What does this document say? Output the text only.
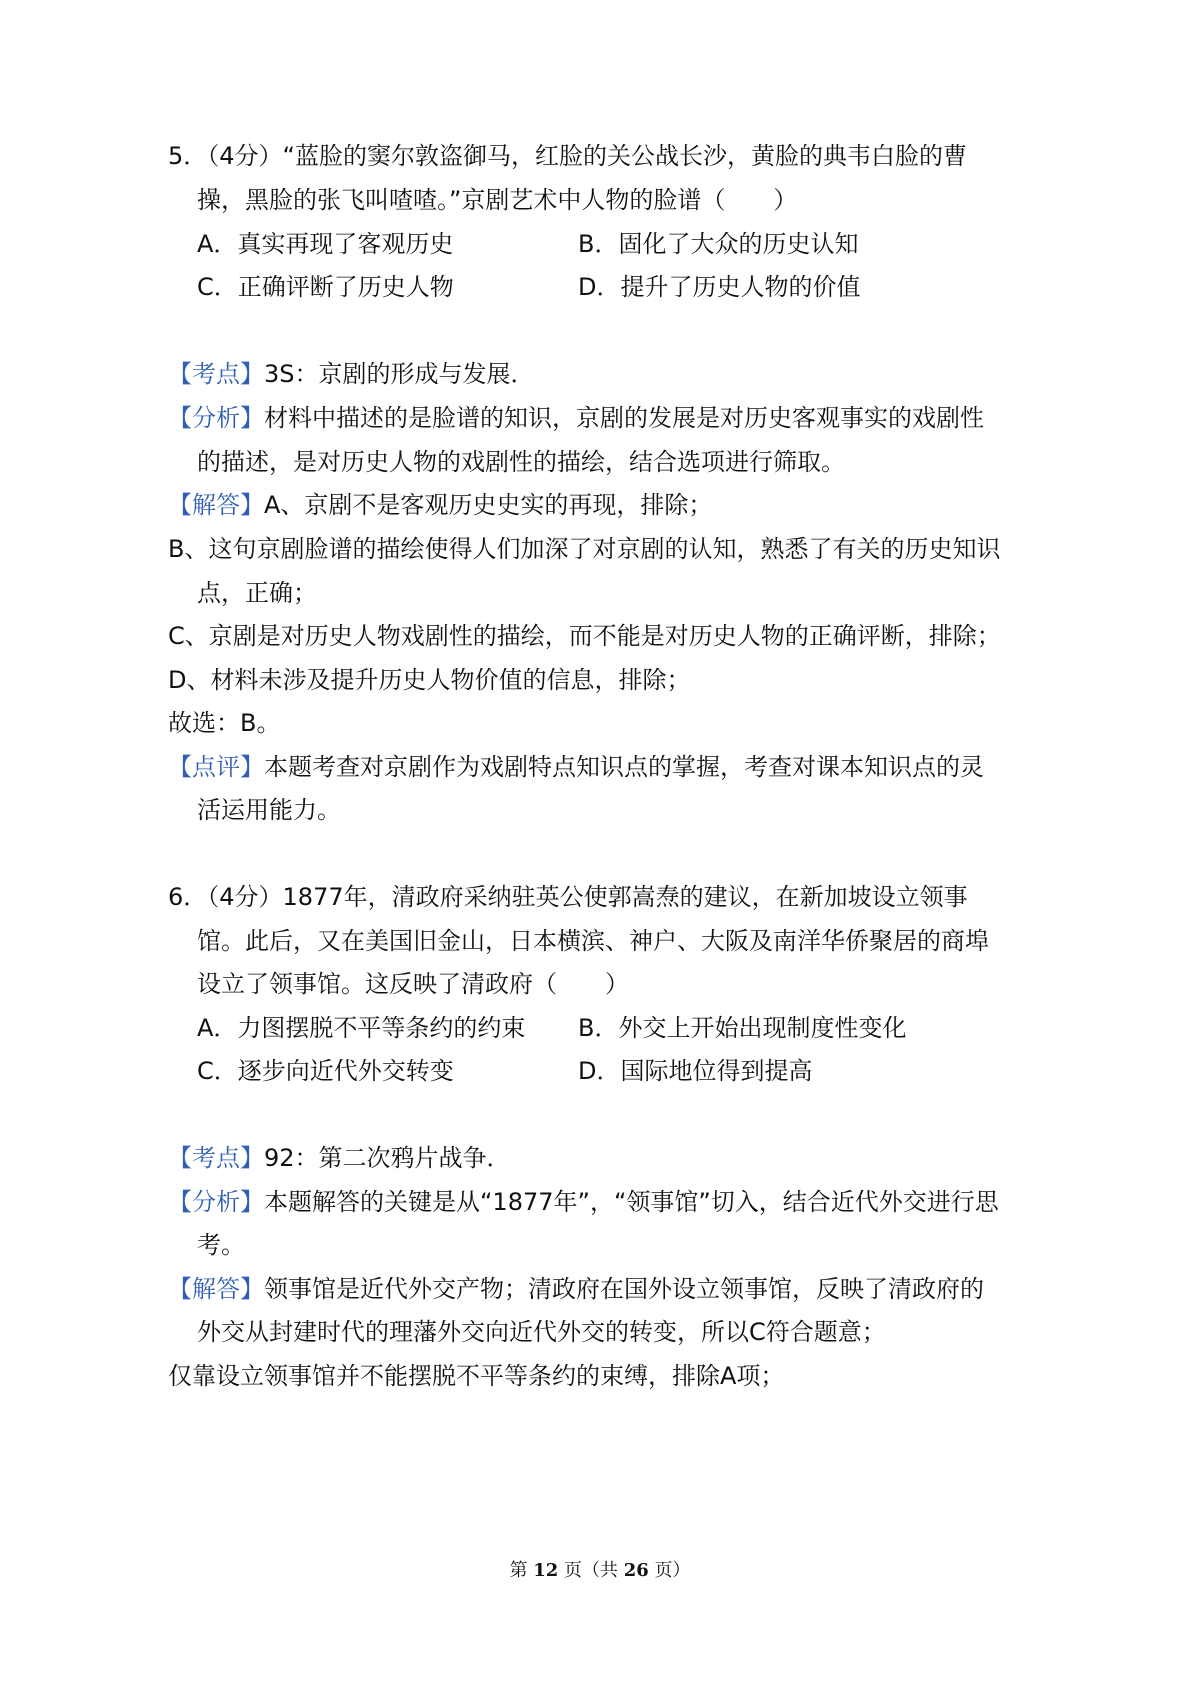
5．（4分）“蓝脸的窦尔敦盗御马，红脸的关公战长沙，黄脸的典韦白脸的曹
操，黑脸的张飞叫喳喳。”京剧艺术中人物的脸谱（　　）
A．真实再现了客观历史	B．固化了大众的历史认知
C．正确评断了历史人物	D．提升了历史人物的价值
【考点】3S：京剧的形成与发展．
【分析】材料中描述的是脸谱的知识，京剧的发展是对历史客观事实的戏剧性
的描述，是对历史人物的戏剧性的描绘，结合选项进行筛取。
【解答】A、京剧不是客观历史史实的再现，排除；
B、这句京剧脸谱的描绘使得人们加深了对京剧的认知，熟悉了有关的历史知识
点，正确；
C、京剧是对历史人物戏剧性的描绘，而不能是对历史人物的正确评断，排除；
D、材料未涉及提升历史人物价值的信息，排除；
故选：B。
【点评】本题考查对京剧作为戏剧特点知识点的掌握，考查对课本知识点的灵
活运用能力。
6．（4分）1877年，清政府采纳驻英公使郭嵩焘的建议，在新加坡设立领事
馆。此后，又在美国旧金山，日本横滨、神户、大阪及南洋华侨聚居的商埠
设立了领事馆。这反映了清政府（　　）
A．力图摆脱不平等条约的约束 B．外交上开始出现制度性变化
C．逐步向近代外交转变	D．国际地位得到提高
【考点】92：第二次鸦片战争．
【分析】本题解答的关键是从“1877年”，“领事馆”切入，结合近代外交进行思
考。
【解答】领事馆是近代外交产物；清政府在国外设立领事馆，反映了清政府的
外交从封建时代的理藩外交向近代外交的转变，所以C符合题意；
仅靠设立领事馆并不能摆脱不平等条约的束缚，排除A项；
第 12 页（共 26 页）
